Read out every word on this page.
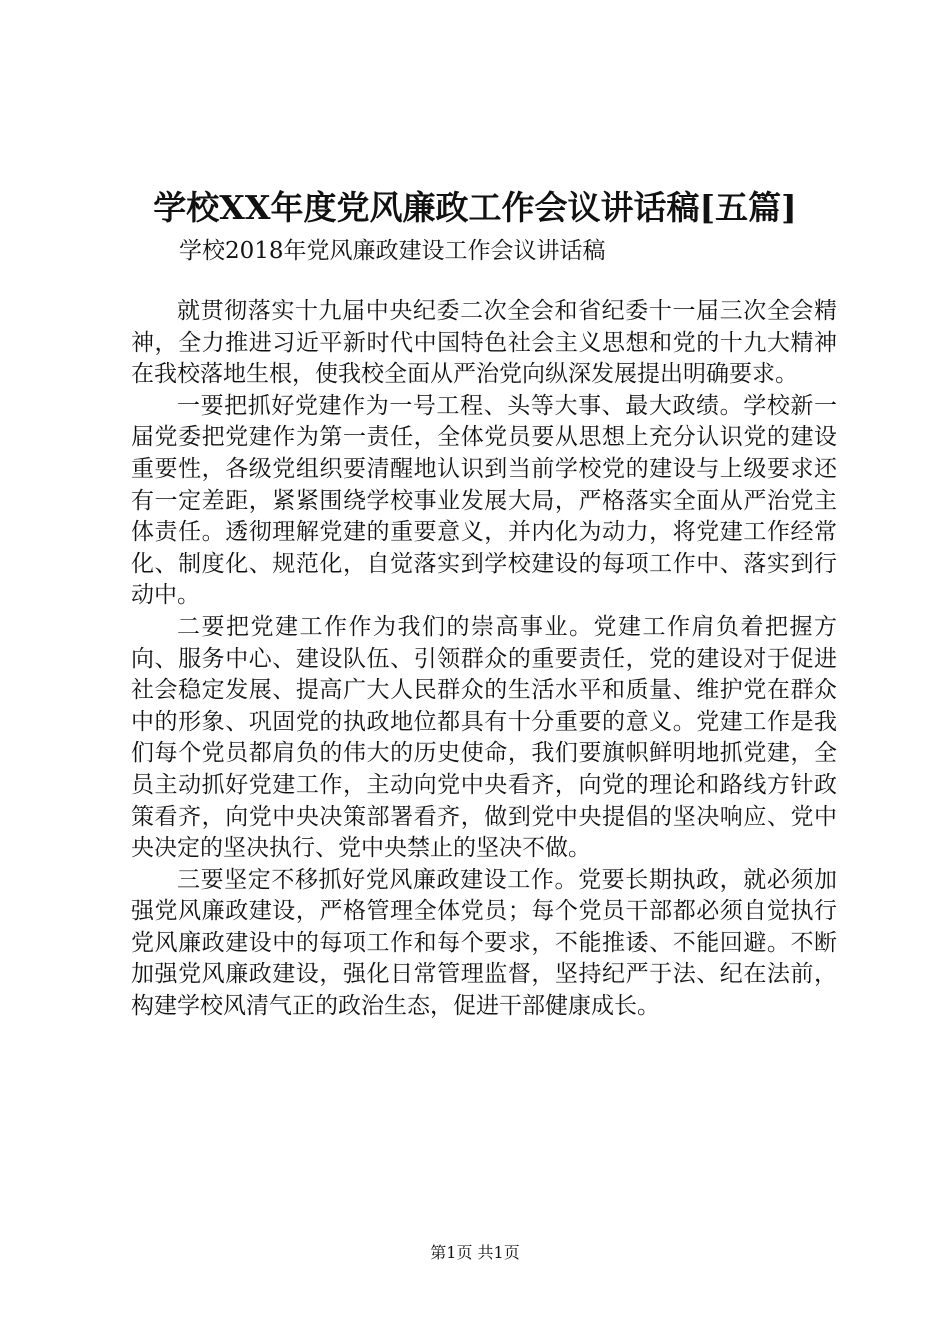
学校XX年度党风廉政工作会议讲话稿[五篇]
学校2018年党风廉政建设工作会议讲话稿

就贯彻落实十九届中央纪委二次全会和省纪委十一届三次全会精神，全力推进习近平新时代中国特色社会主义思想和党的十九大精神在我校落地生根，使我校全面从严治党向纵深发展提出明确要求。

一要把抓好党建作为一号工程、头等大事、最大政绩。学校新一届党委把党建作为第一责任，全体党员要从思想上充分认识党的建设重要性，各级党组织要清醒地认识到当前学校党的建设与上级要求还有一定差距，紧紧围绕学校事业发展大局，严格落实全面从严治党主体责任。透彻理解党建的重要意义，并内化为动力，将党建工作经常化、制度化、规范化，自觉落实到学校建设的每项工作中、落实到行动中。

二要把党建工作作为我们的崇高事业。党建工作肩负着把握方向、服务中心、建设队伍、引领群众的重要责任，党的建设对于促进社会稳定发展、提高广大人民群众的生活水平和质量、维护党在群众中的形象、巩固党的执政地位都具有十分重要的意义。党建工作是我们每个党员都肩负的伟大的历史使命，我们要旗帜鲜明地抓党建，全员主动抓好党建工作，主动向党中央看齐，向党的理论和路线方针政策看齐，向党中央决策部署看齐，做到党中央提倡的坚决响应、党中央决定的坚决执行、党中央禁止的坚决不做。

三要坚定不移抓好党风廉政建设工作。党要长期执政，就必须加强党风廉政建设，严格管理全体党员；每个党员干部都必须自觉执行党风廉政建设中的每项工作和每个要求，不能推诿、不能回避。不断加强党风廉政建设，强化日常管理监督，坚持纪严于法、纪在法前，构建学校风清气正的政治生态，促进干部健康成长。

第1页 共1页
